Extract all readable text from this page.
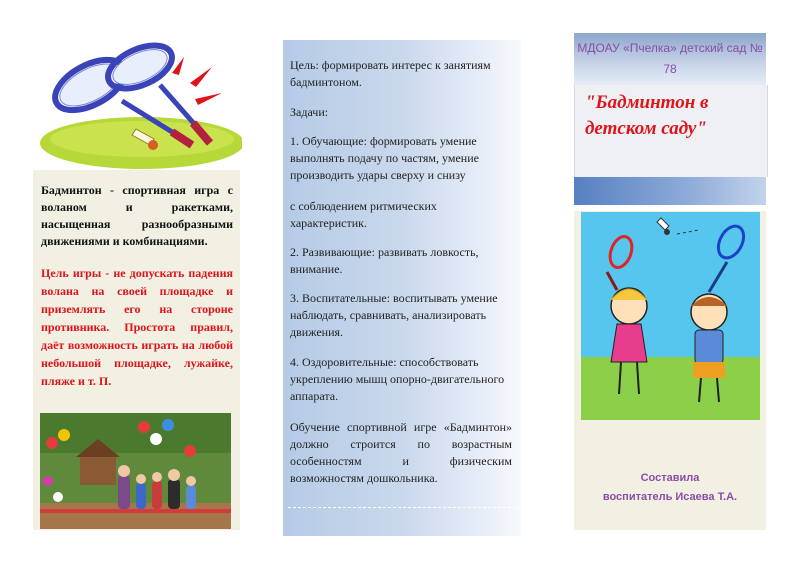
Бадминтон - спортивная игра с воланом и ракетками, насыщенная разнообразными движениями и комбинациями.
Цель игры - не допускать падения волана на своей площадке и приземлять его на стороне противника. Простота правил, даёт возможность играть на любой небольшой площадке, лужайке, пляже и т. П.
Цель: формировать интерес к занятиям бадминтоном.
Задачи:
1. Обучающие: формировать умение выполнять подачу по частям, умение производить удары сверху и снизу
с соблюдением ритмических характеристик.
2. Развивающие: развивать ловкость, внимание.
3. Воспитательные: воспитывать умение наблюдать, сравнивать, анализировать движения.
4. Оздоровительные: способствовать укреплению мышц опорно-двигательного аппарата.
Обучение спортивной игре «Бадминтон» должно строится по возрастным особенностям и физическим возможностям дошкольника.
МДОАУ «Пчелка» детский сад № 78
"Бадминтон в детском саду"
Составила
воспитатель Исаева Т.А.
